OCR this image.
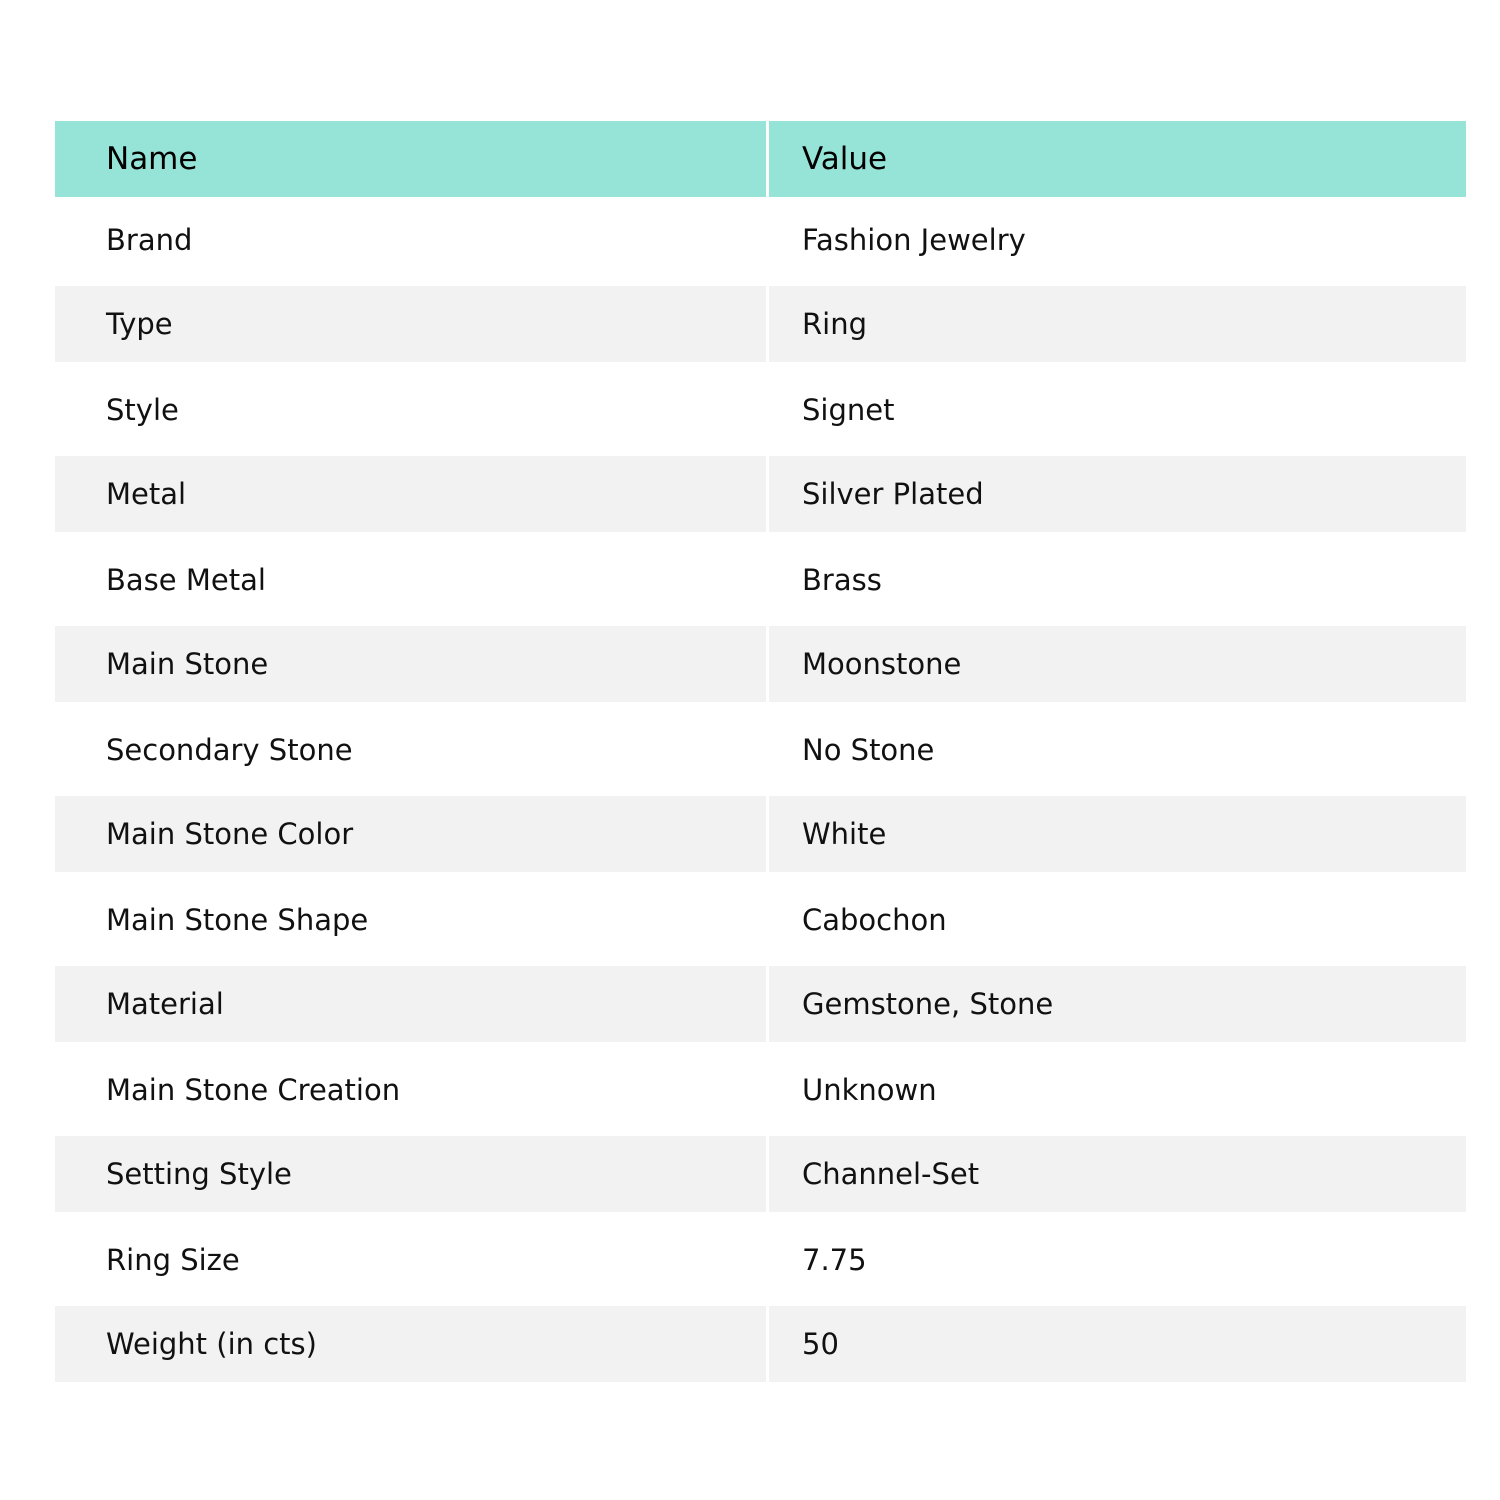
Name	Value
Brand	Fashion Jewelry
Type	Ring
Style	Signet
Metal	Silver Plated
Base Metal	Brass
Main Stone	Moonstone
Secondary Stone	No Stone
Main Stone Color	White
Main Stone Shape	Cabochon
Material	Gemstone, Stone
Main Stone Creation	Unknown
Setting Style	Channel-Set
Ring Size	7.75
Weight (in cts)	50
